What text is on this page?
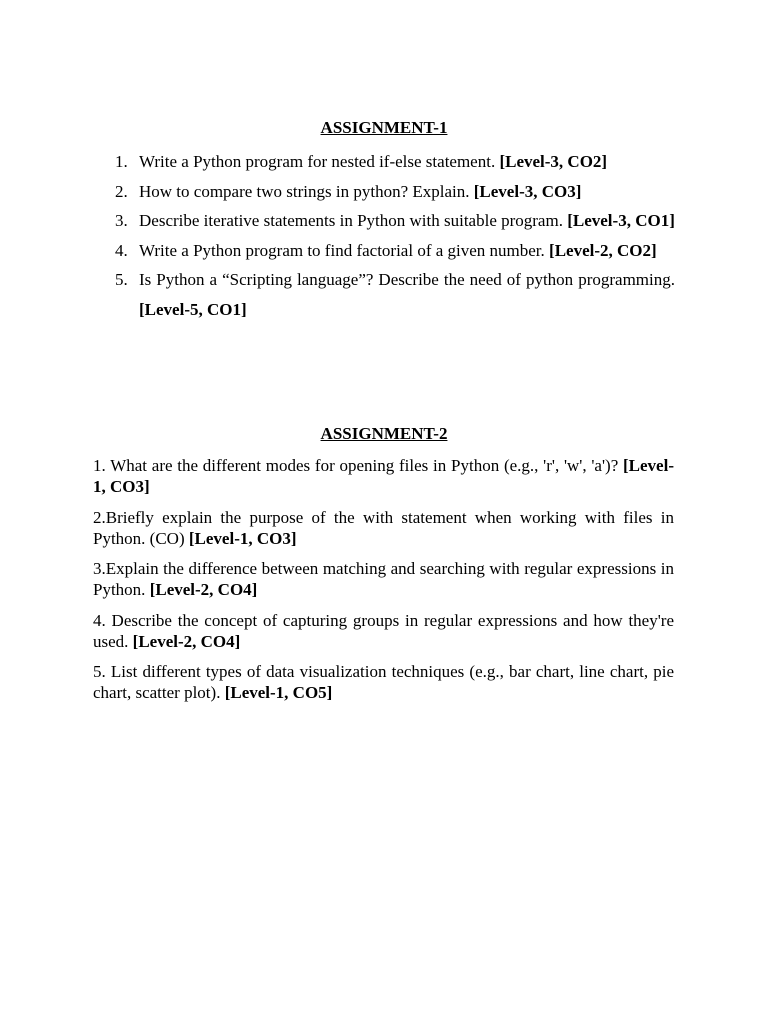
ASSIGNMENT-1
1. Write a Python program for nested if-else statement. [Level-3, CO2]
2. How to compare two strings in python? Explain. [Level-3, CO3]
3. Describe iterative statements in Python with suitable program. [Level-3, CO1]
4. Write a Python program to find factorial of a given number. [Level-2, CO2]
5. Is Python a “Scripting language”? Describe the need of python programming. [Level-5, CO1]
ASSIGNMENT-2

1. What are the different modes for opening files in Python (e.g., 'r', 'w', 'a')? [Level-1, CO3]

2.Briefly explain the purpose of the with statement when working with files in Python. (CO) [Level-1, CO3]

3.Explain the difference between matching and searching with regular expressions in Python. [Level-2, CO4]

4. Describe the concept of capturing groups in regular expressions and how they're used. [Level-2, CO4]

5. List different types of data visualization techniques (e.g., bar chart, line chart, pie chart, scatter plot). [Level-1, CO5]
